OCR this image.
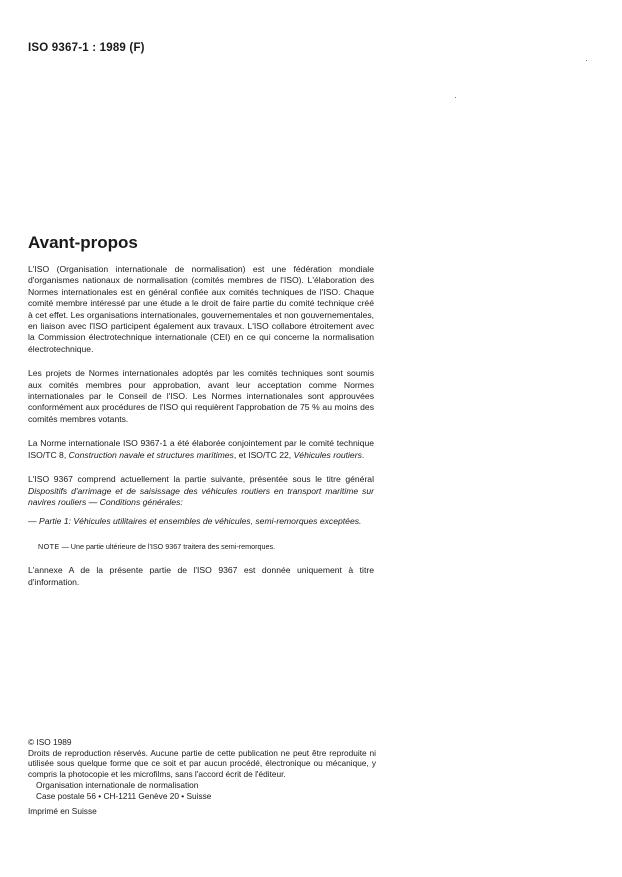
ISO 9367-1 : 1989 (F)
Avant-propos

L'ISO (Organisation internationale de normalisation) est une fédération mondiale d'organismes nationaux de normalisation (comités membres de l'ISO). L'élaboration des Normes internationales est en général confiée aux comités techniques de l'ISO. Chaque comité membre intéressé par une étude a le droit de faire partie du comité technique créé à cet effet. Les organisations internationales, gouvernementales et non gouvernementales, en liaison avec l'ISO participent également aux travaux. L'ISO collabore étroitement avec la Commission électrotechnique internationale (CEI) en ce qui concerne la normalisation électrotechnique.

Les projets de Normes internationales adoptés par les comités techniques sont soumis aux comités membres pour approbation, avant leur acceptation comme Normes internationales par le Conseil de l'ISO. Les Normes internationales sont approuvées conformément aux procédures de l'ISO qui requièrent l'approbation de 75 % au moins des comités membres votants.

La Norme internationale ISO 9367-1 a été élaborée conjointement par le comité technique ISO/TC 8, Construction navale et structures maritimes, et ISO/TC 22, Véhicules routiers.

L'ISO 9367 comprend actuellement la partie suivante, présentée sous le titre général Dispositifs d'arrimage et de saisissage des véhicules routiers en transport maritime sur navires rouliers — Conditions générales:

— Partie 1: Véhicules utilitaires et ensembles de véhicules, semi-remorques exceptées.

NOTE — Une partie ultérieure de l'ISO 9367 traitera des semi-remorques.

L'annexe A de la présente partie de l'ISO 9367 est donnée uniquement à titre d'information.

© ISO 1989

Droits de reproduction réservés. Aucune partie de cette publication ne peut être reproduite ni utilisée sous quelque forme que ce soit et par aucun procédé, électronique ou mécanique, y compris la photocopie et les microfilms, sans l'accord écrit de l'éditeur.

Organisation internationale de normalisation

Case postale 56 • CH-1211 Genève 20 • Suisse

Imprimé en Suisse
